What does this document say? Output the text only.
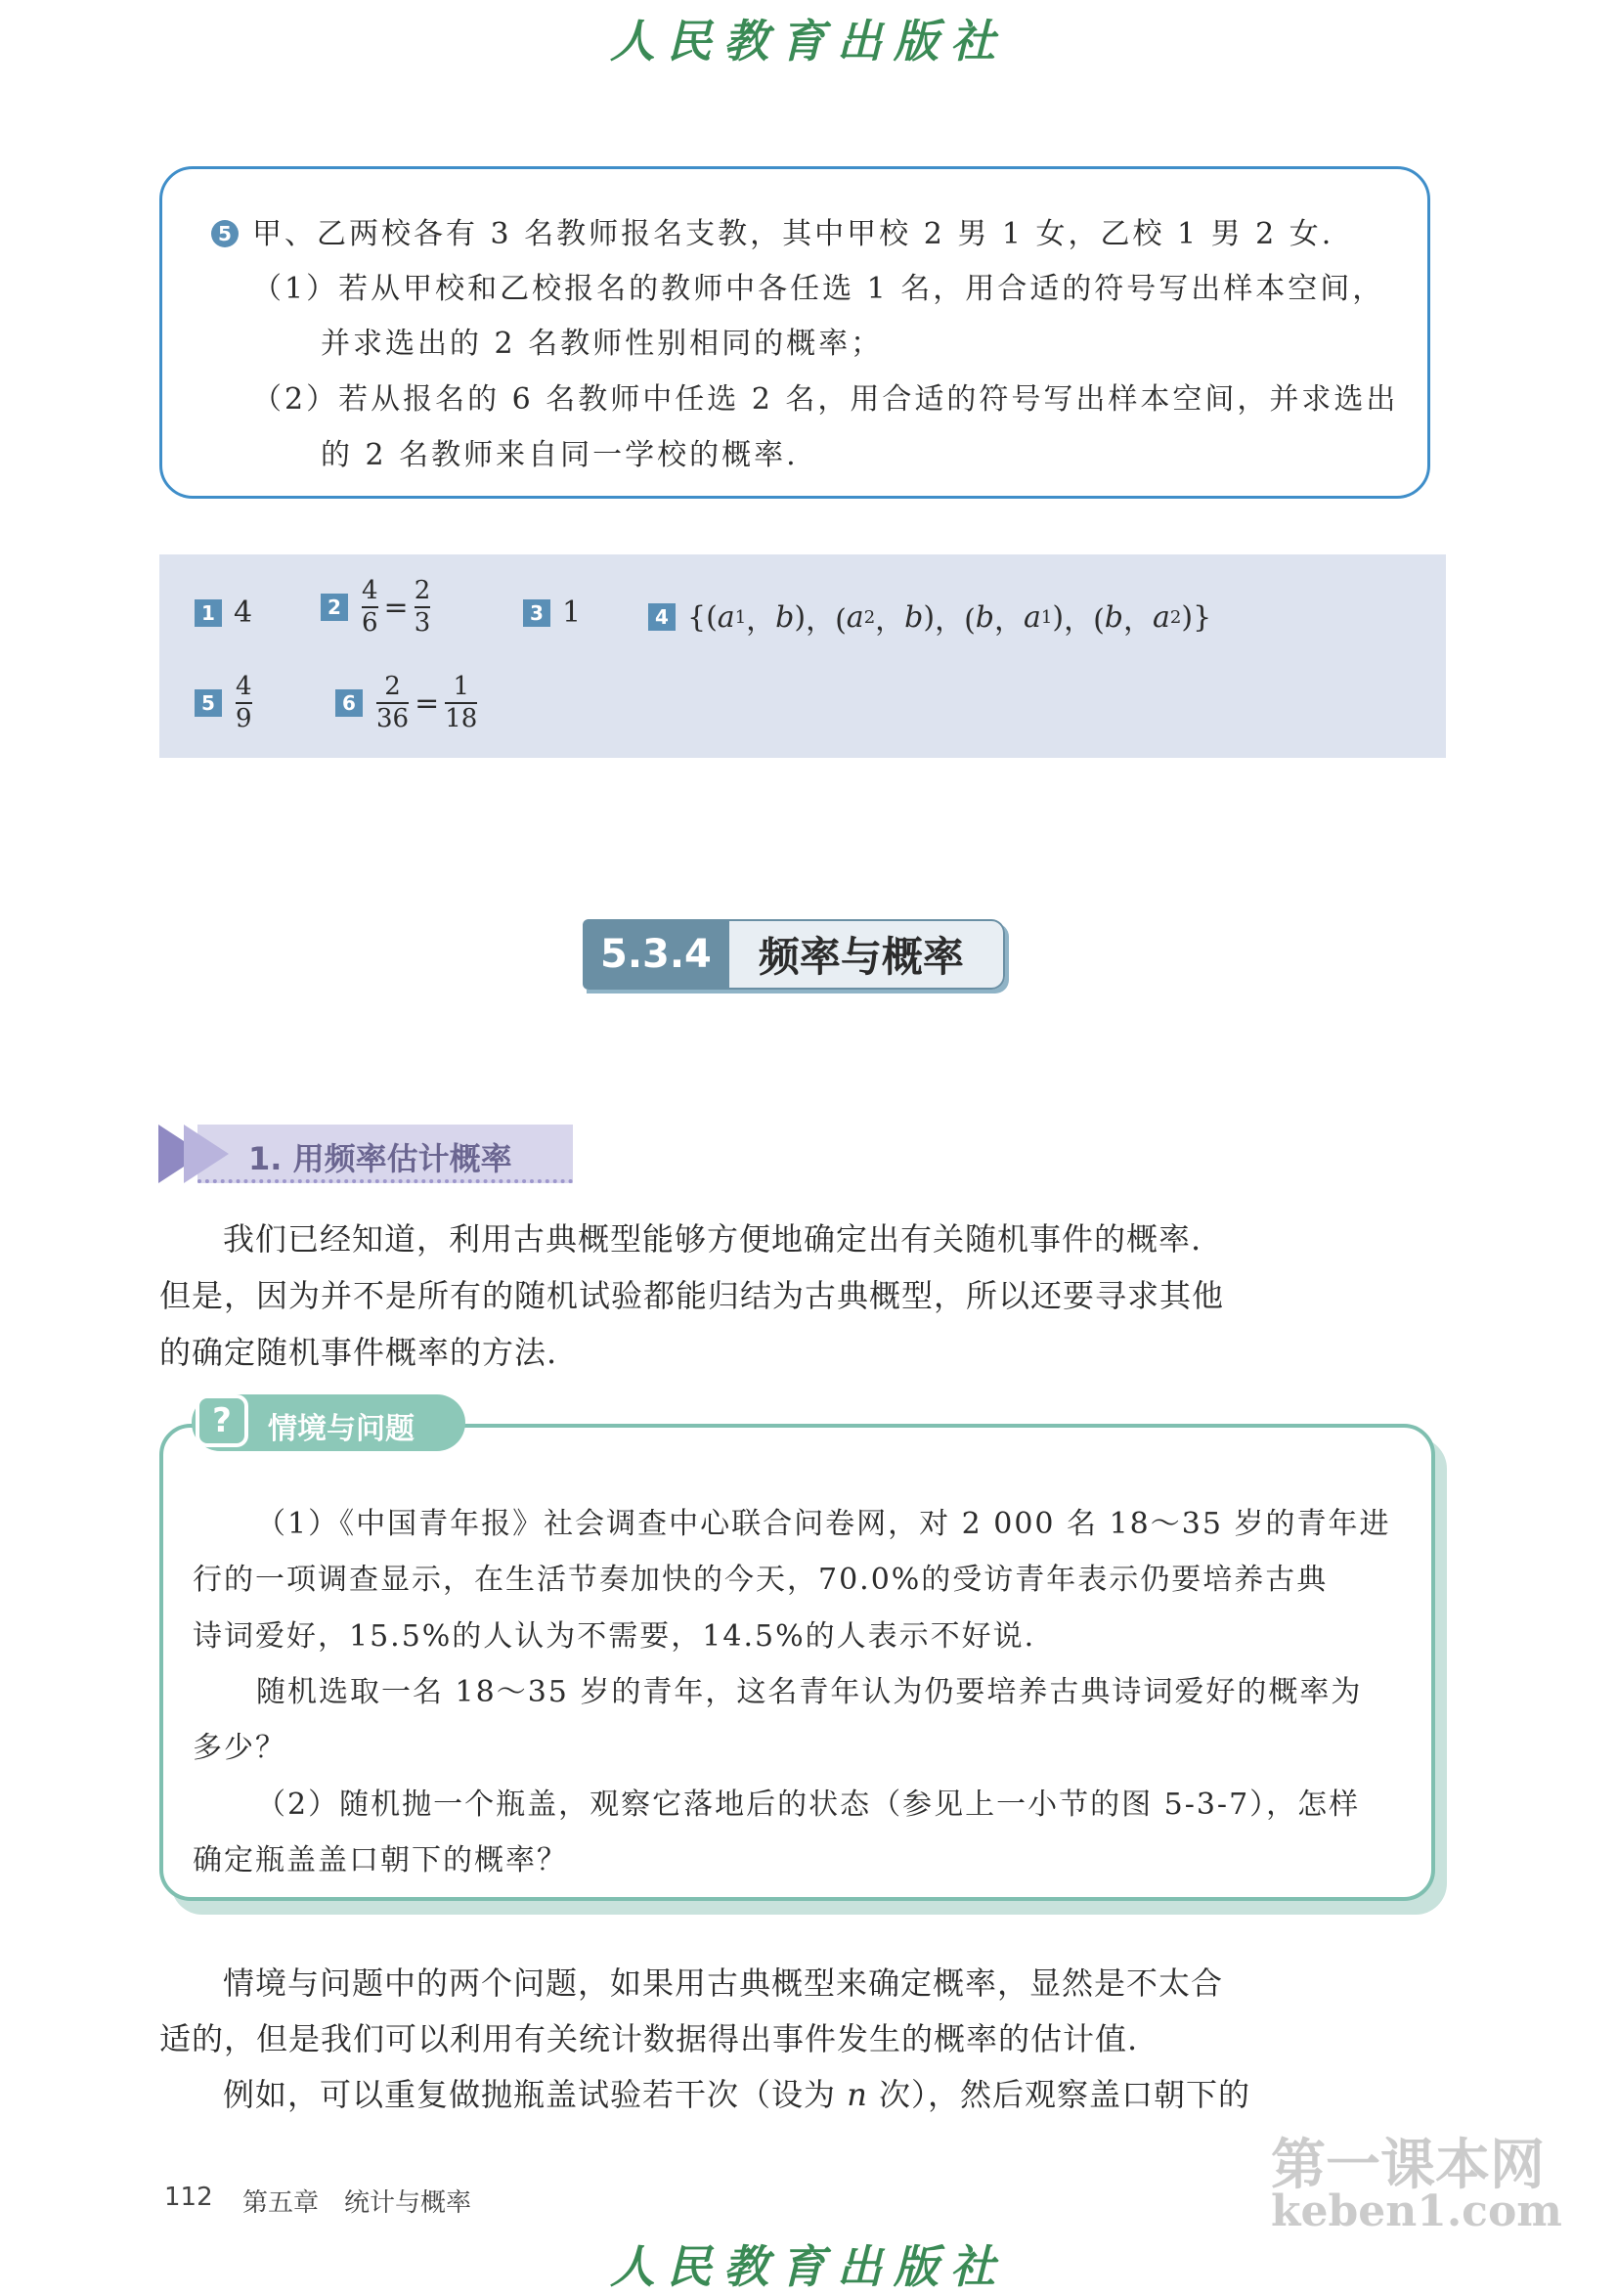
人民教育出版社
5 甲、乙两校各有 3 名教师报名支教，其中甲校 2 男 1 女，乙校 1 男 2 女.
（1）若从甲校和乙校报名的教师中各任选 1 名，用合适的符号写出样本空间，
并求选出的 2 名教师性别相同的概率；
（2）若从报名的 6 名教师中任选 2 名，用合适的符号写出样本空间，并求选出
的 2 名教师来自同一学校的概率.
1 4	$2 \frac{4}{6} = \frac{2}{3}$	3 1	4 {( a 1 ， b ) ，( a 2 ， b ) ，( b ， a 1 ) ，( b ， a 2 )}
$5 \frac{4}{9}$	$6 \frac{2}{36} = \frac{1}{18}$
5.3.4	频率与概率
1. 用频率估计概率
我们已经知道，利用古典概型能够方便地确定出有关随机事件的概率.
但是，因为并不是所有的随机试验都能归结为古典概型，所以还要寻求其他
的确定随机事件概率的方法.
?	情境与问题
（1）《中国青年报》社会调查中心联合问卷网，对 2 000 名 18～35 岁的青年进
行的一项调查显示，在生活节奏加快的今天，70.0%的受访青年表示仍要培养古典
诗词爱好，15.5%的人认为不需要，14.5%的人表示不好说.
随机选取一名 18～35 岁的青年，这名青年认为仍要培养古典诗词爱好的概率为
多少？
（2）随机抛一个瓶盖，观察它落地后的状态（参见上一小节的图 5-3-7），怎样
确定瓶盖盖口朝下的概率？
情境与问题中的两个问题，如果用古典概型来确定概率，显然是不太合
适的，但是我们可以利用有关统计数据得出事件发生的概率的估计值.
例如，可以重复做抛瓶盖试验若干次（设为 n 次），然后观察盖口朝下的
112 第五章 统计与概率
第一课本网
keben1.com
人民教育出版社
